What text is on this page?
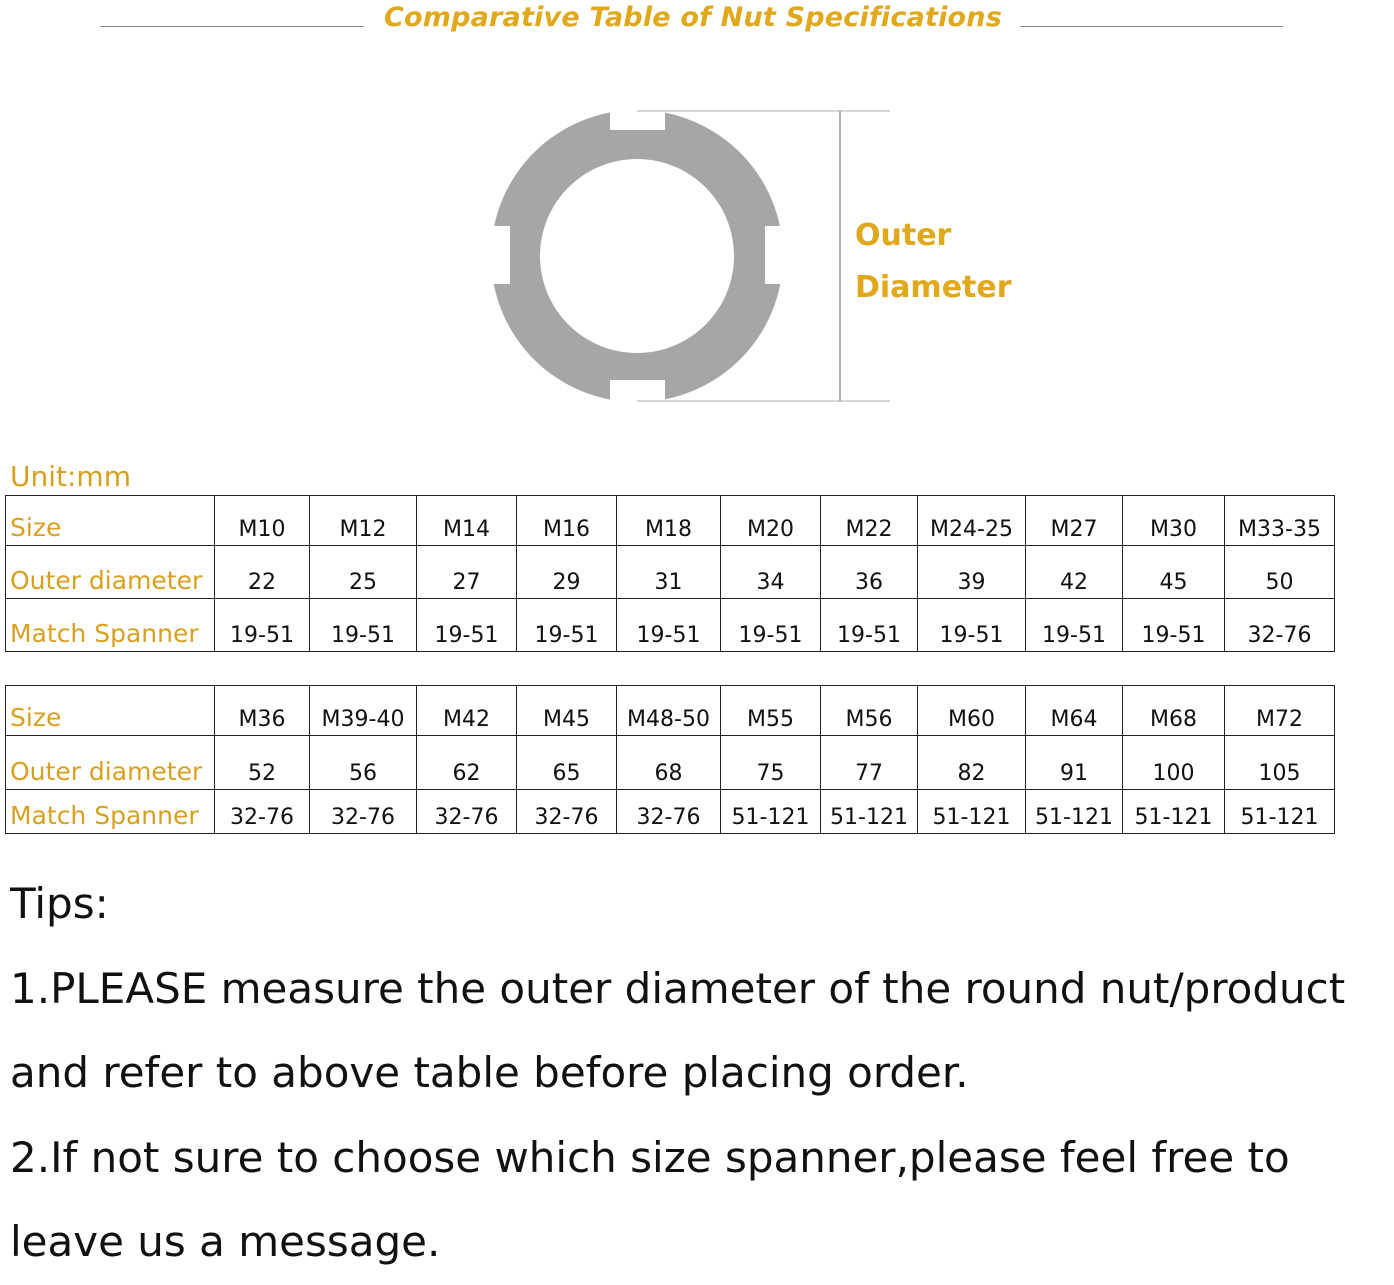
Comparative Table of Nut Specifications
Outer
Diameter
Unit:mm
Size	M10	M12	M14	M16	M18	M20	M22	M24-25	M27	M30	M33-35
Outer diameter	22	25	27	29	31	34	36	39	42	45	50
Match Spanner	19-51	19-51	19-51	19-51	19-51	19-51	19-51	19-51	19-51	19-51	32-76
Size	M36	M39-40	M42	M45	M48-50	M55	M56	M60	M64	M68	M72
Outer diameter	52	56	62	65	68	75	77	82	91	100	105
Match Spanner	32-76	32-76	32-76	32-76	32-76	51-121	51-121	51-121	51-121	51-121	51-121

Tips:

1.PLEASE measure the outer diameter of the round nut/product

and refer to above table before placing order.

2.If not sure to choose which size spanner,please feel free to

leave us a message.
